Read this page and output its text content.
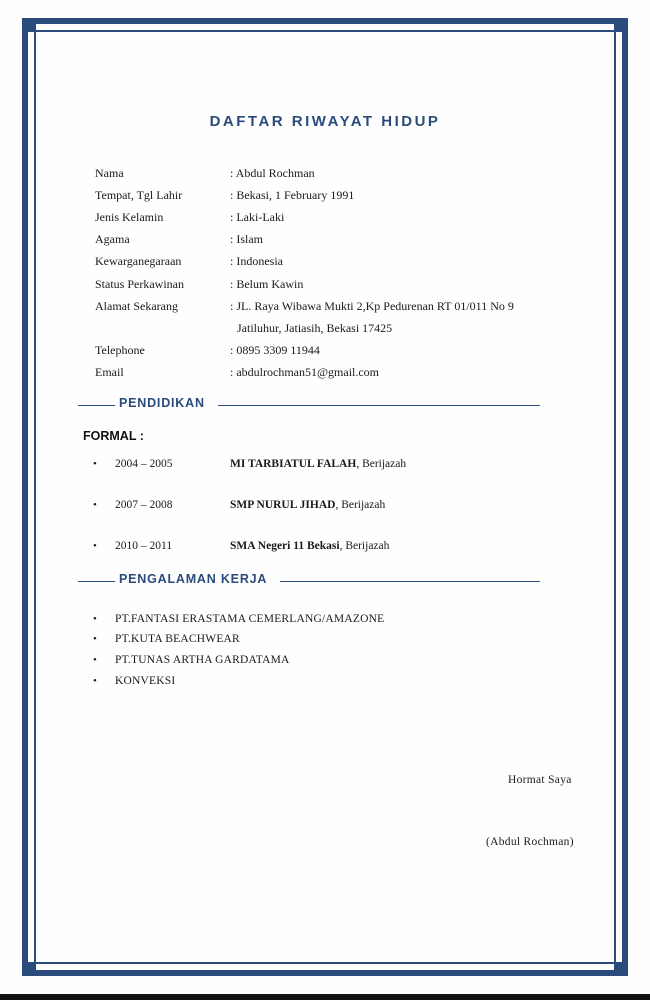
DAFTAR RIWAYAT HIDUP
Nama	: Abdul Rochman
Tempat, Tgl Lahir	: Bekasi, 1 February 1991
Jenis Kelamin	: Laki-Laki
Agama	: Islam
Kewarganegaraan	: Indonesia
Status Perkawinan	: Belum Kawin
Alamat Sekarang	: JL. Raya Wibawa Mukti 2,Kp Pedurenan RT 01/011 No 9
Jatiluhur, Jatiasih, Bekasi 17425
Telephone	: 0895 3309 11944
Email	: abdulrochman51@gmail.com
PENDIDIKAN
FORMAL :
• 2004 – 2005	MI TARBIATUL FALAH, Berijazah
• 2007 – 2008	SMP NURUL JIHAD, Berijazah
• 2010 – 2011	SMA Negeri 11 Bekasi, Berijazah
PENGALAMAN KERJA
• PT.FANTASI ERASTAMA CEMERLANG/AMAZONE
• PT.KUTA BEACHWEAR
• PT.TUNAS ARTHA GARDATAMA
• KONVEKSI
Hormat Saya
(Abdul Rochman)
